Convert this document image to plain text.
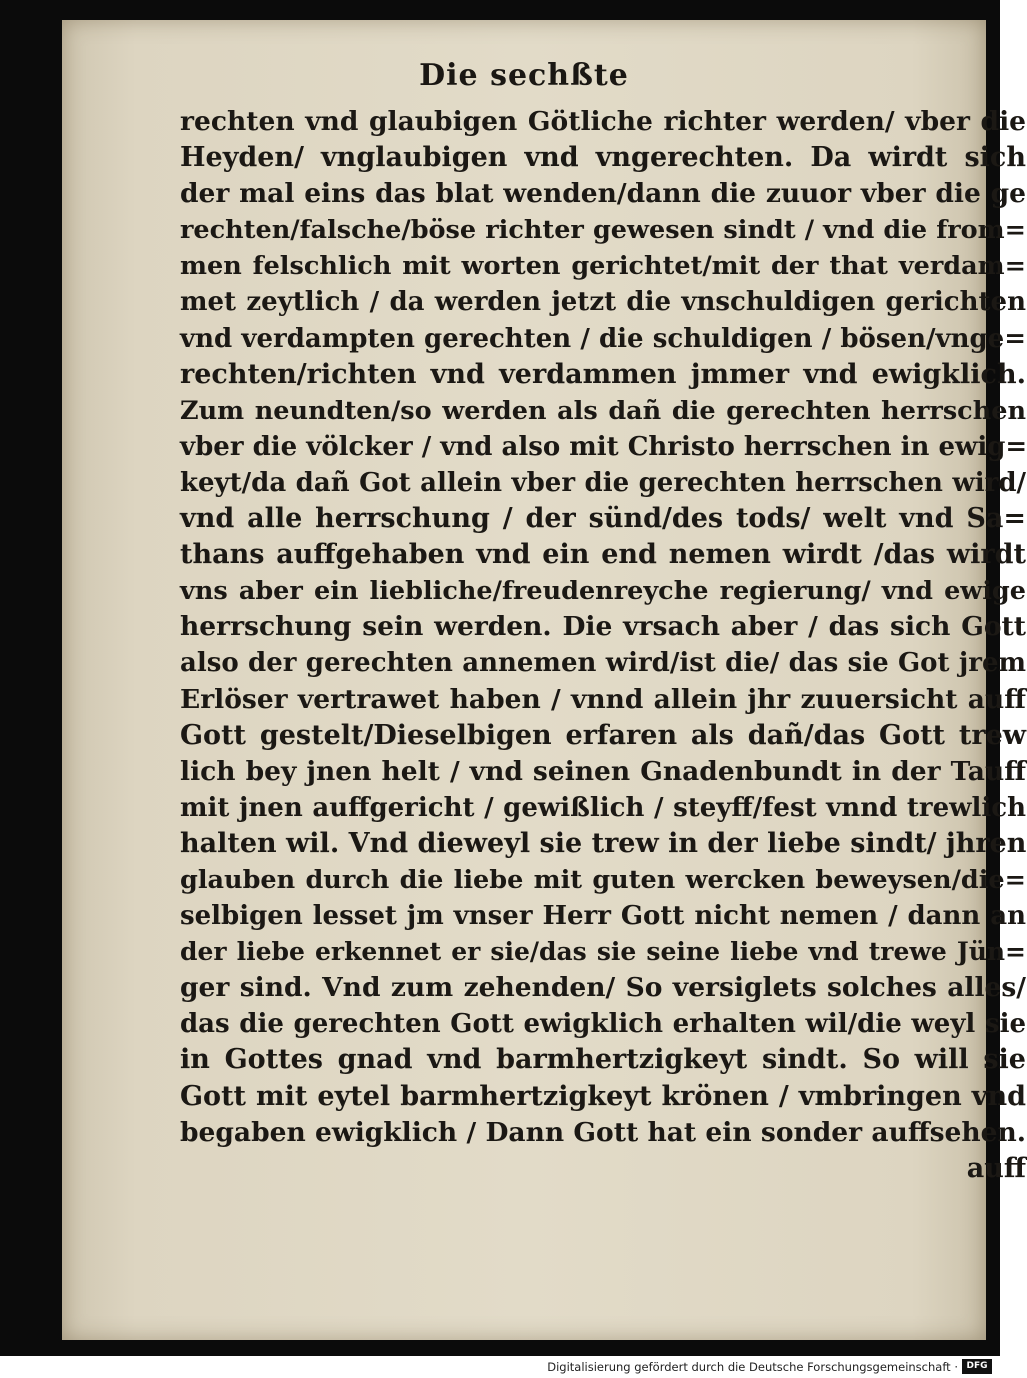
Die sechßte
rechten vnd glaubigen Götliche richter werden/ vber die
Heyden/ vnglaubigen vnd vngerechten. Da wirdt sich
der mal eins das blat wenden/dann die zuuor vber die ge
rechten/falsche/böse richter gewesen sindt / vnd die from=
men felschlich mit worten gerichtet/mit der that verdam=
met zeytlich / da werden jetzt die vnschuldigen gerichten
vnd verdampten gerechten / die schuldigen / bösen/vnge=
rechten/richten vnd verdammen jmmer vnd ewigklich.
Zum neundten/so werden als dañ die gerechten herrschen
vber die völcker / vnd also mit Christo herrschen in ewig=
keyt/da dañ Got allein vber die gerechten herrschen wird/
vnd alle herrschung / der sünd/des tods/ welt vnd Sa=
thans auffgehaben vnd ein end nemen wirdt /das wirdt
vns aber ein liebliche/freudenreyche regierung/ vnd ewige
herrschung sein werden. Die vrsach aber / das sich Gott
also der gerechten annemen wird/ist die/ das sie Got jrem
Erlöser vertrawet haben / vnnd allein jhr zuuersicht auff
Gott gestelt/Dieselbigen erfaren als dañ/das Gott trew
lich bey jnen helt / vnd seinen Gnadenbundt in der Tauff
mit jnen auffgericht / gewißlich / steyff/fest vnnd trewlich
halten wil. Vnd dieweyl sie trew in der liebe sindt/ jhren
glauben durch die liebe mit guten wercken beweysen/die=
selbigen lesset jm vnser Herr Gott nicht nemen / dann an
der liebe erkennet er sie/das sie seine liebe vnd trewe Jün=
ger sind. Vnd zum zehenden/ So versiglets solches alles/
das die gerechten Gott ewigklich erhalten wil/die weyl sie
in Gottes gnad vnd barmhertzigkeyt sindt. So will sie
Gott mit eytel barmhertzigkeyt krönen / vmbringen vnd
begaben ewigklich / Dann Gott hat ein sonder auffsehen.
auff
Digitalisierung gefördert durch die Deutsche Forschungsgemeinschaft · DFG
